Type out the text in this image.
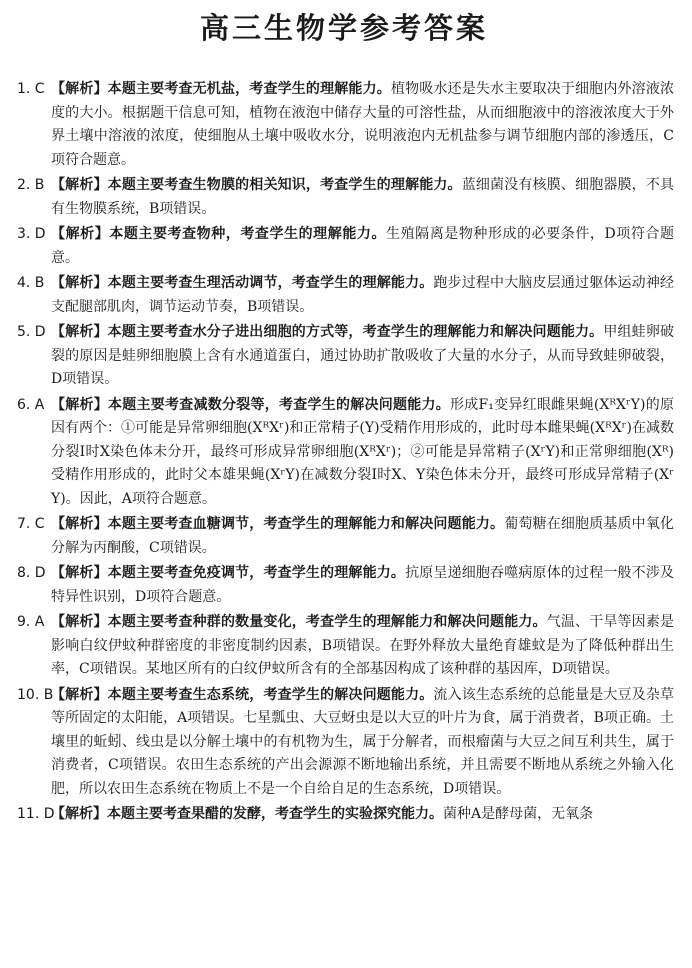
高三生物学参考答案
1. C 【解析】本题主要考查无机盐，考查学生的理解能力。植物吸水还是失水主要取决于细胞内外溶液浓度的大小。根据题干信息可知，植物在液泡中储存大量的可溶性盐，从而细胞液中的溶液浓度大于外界土壤中溶液的浓度，使细胞从土壤中吸收水分，说明液泡内无机盐参与调节细胞内部的渗透压，C项符合题意。
2. B 【解析】本题主要考查生物膜的相关知识，考查学生的理解能力。蓝细菌没有核膜、细胞器膜，不具有生物膜系统，B项错误。
3. D 【解析】本题主要考查物种，考查学生的理解能力。生殖隔离是物种形成的必要条件，D项符合题意。
4. B 【解析】本题主要考查生理活动调节，考查学生的理解能力。跑步过程中大脑皮层通过躯体运动神经支配腿部肌肉，调节运动节奏，B项错误。
5. D 【解析】本题主要考查水分子进出细胞的方式等，考查学生的理解能力和解决问题能力。甲组蛙卵破裂的原因是蛙卵细胞膜上含有水通道蛋白，通过协助扩散吸收了大量的水分子，从而导致蛙卵破裂，D项错误。
6. A 【解析】本题主要考查减数分裂等，考查学生的解决问题能力。形成F₁变异红眼雌果蝇(XᴿXʳY)的原因有两个：①可能是异常卵细胞(XᴿXʳ)和正常精子(Y)受精作用形成的，此时母本雌果蝇(XᴿXʳ)在减数分裂Ⅰ时X染色体未分开，最终可形成异常卵细胞(XᴿXʳ)；②可能是异常精子(XʳY)和正常卵细胞(Xᴿ)受精作用形成的，此时父本雄果蝇(XʳY)在减数分裂Ⅰ时X、Y染色体未分开，最终可形成异常精子(XʳY)。因此，A项符合题意。
7. C 【解析】本题主要考查血糖调节，考查学生的理解能力和解决问题能力。葡萄糖在细胞质基质中氧化分解为丙酮酸，C项错误。
8. D 【解析】本题主要考查免疫调节，考查学生的理解能力。抗原呈递细胞吞噬病原体的过程一般不涉及特异性识别，D项符合题意。
9. A 【解析】本题主要考查种群的数量变化，考查学生的理解能力和解决问题能力。气温、干旱等因素是影响白纹伊蚊种群密度的非密度制约因素，B项错误。在野外释放大量绝育雄蚊是为了降低种群出生率，C项错误。某地区所有的白纹伊蚊所含有的全部基因构成了该种群的基因库，D项错误。
10. B
【解析】本题主要考查生态系统，考查学生的解决问题能力。流入该生态系统的总能量是大豆及杂草等所固定的太阳能，A项错误。七星瓢虫、大豆蚜虫是以大豆的叶片为食，属于消费者，B项正确。土壤里的蚯蚓、线虫是以分解土壤中的有机物为生，属于分解者，而根瘤菌与大豆之间互利共生，属于消费者，C项错误。农田生态系统的产出会源源不断地输出系统，并且需要不断地从系统之外输入化肥，所以农田生态系统在物质上不是一个自给自足的生态系统，D项错误。
11. D
【解析】本题主要考查果醋的发酵，考查学生的实验探究能力。菌种A是酵母菌，无氧条
